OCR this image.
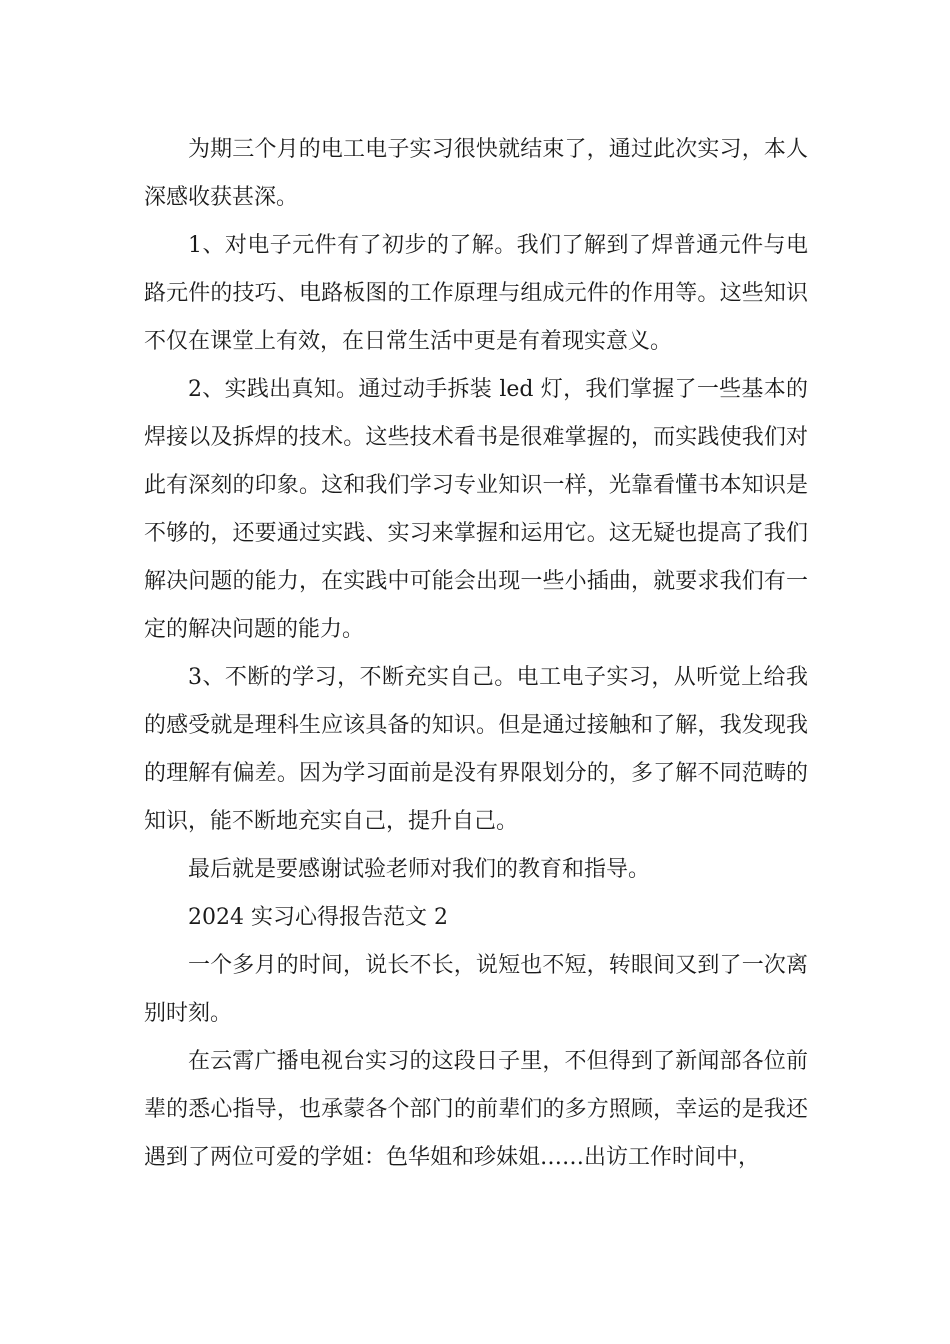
为期三个月的电工电子实习很快就结束了，通过此次实习，本人深感收获甚深。

1、对电子元件有了初步的了解。我们了解到了焊普通元件与电路元件的技巧、电路板图的工作原理与组成元件的作用等。这些知识不仅在课堂上有效，在日常生活中更是有着现实意义。

2、实践出真知。通过动手拆装 led 灯，我们掌握了一些基本的焊接以及拆焊的技术。这些技术看书是很难掌握的，而实践使我们对此有深刻的印象。这和我们学习专业知识一样，光靠看懂书本知识是不够的，还要通过实践、实习来掌握和运用它。这无疑也提高了我们解决问题的能力，在实践中可能会出现一些小插曲，就要求我们有一定的解决问题的能力。

3、不断的学习，不断充实自己。电工电子实习，从听觉上给我的感受就是理科生应该具备的知识。但是通过接触和了解，我发现我的理解有偏差。因为学习面前是没有界限划分的，多了解不同范畴的知识，能不断地充实自己，提升自己。

最后就是要感谢试验老师对我们的教育和指导。

2024 实习心得报告范文 2

一个多月的时间，说长不长，说短也不短，转眼间又到了一次离别时刻。

在云霄广播电视台实习的这段日子里，不但得到了新闻部各位前辈的悉心指导，也承蒙各个部门的前辈们的多方照顾，幸运的是我还遇到了两位可爱的学姐：色华姐和珍妹姐……出访工作时间中，
